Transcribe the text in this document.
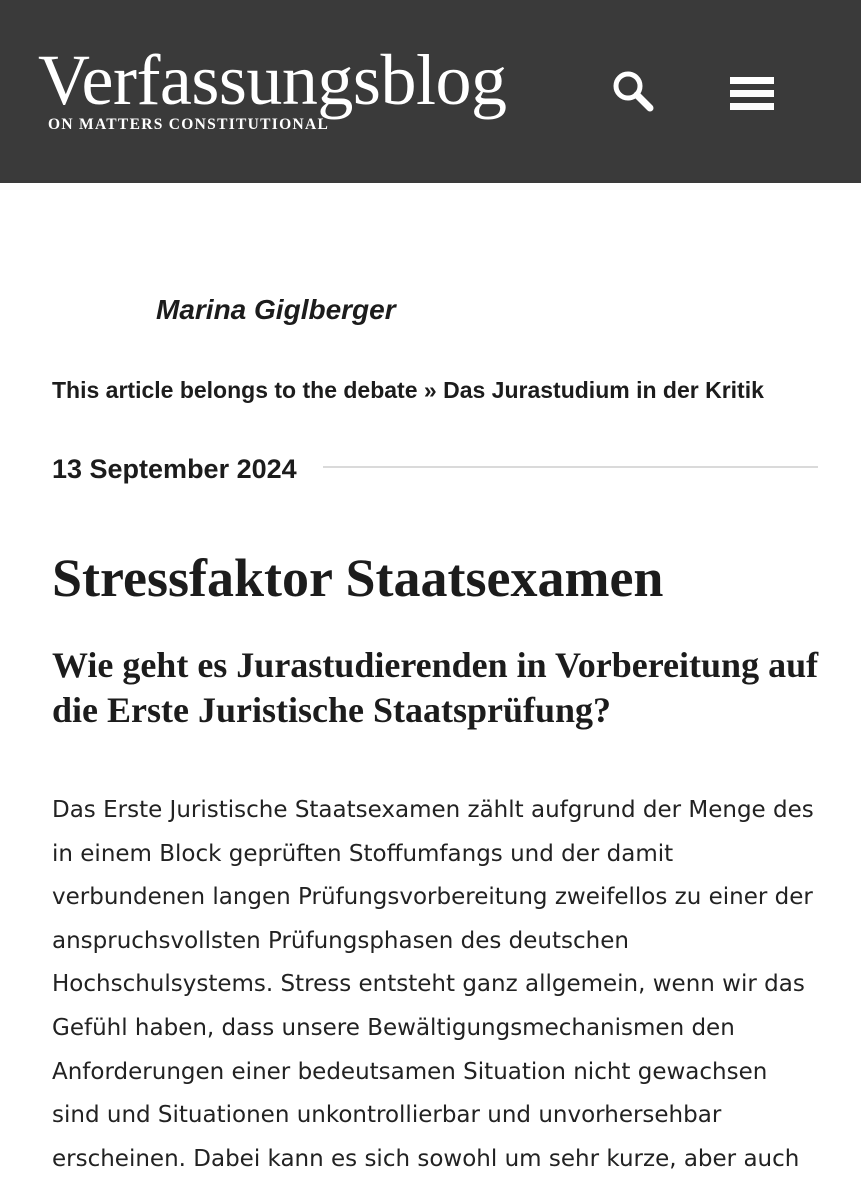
Verfassungsblog
ON MATTERS CONSTITUTIONAL
Marina Giglberger
This article belongs to the debate » Das Jurastudium in der Kritik
13 September 2024
Stressfaktor Staatsexamen
Wie geht es Jurastudierenden in Vorbereitung auf die Erste Juristische Staatsprüfung?

Das Erste Juristische Staatsexamen zählt aufgrund der Menge des in einem Block geprüften Stoffumfangs und der damit verbundenen langen Prüfungsvorbereitung zweifellos zu einer der anspruchsvollsten Prüfungsphasen des deutschen Hochschulsystems. Stress entsteht ganz allgemein, wenn wir das Gefühl haben, dass unsere Bewältigungsmechanismen den Anforderungen einer bedeutsamen Situation nicht gewachsen sind und Situationen unkontrollierbar und unvorhersehbar erscheinen. Dabei kann es sich sowohl um sehr kurze, aber auch
